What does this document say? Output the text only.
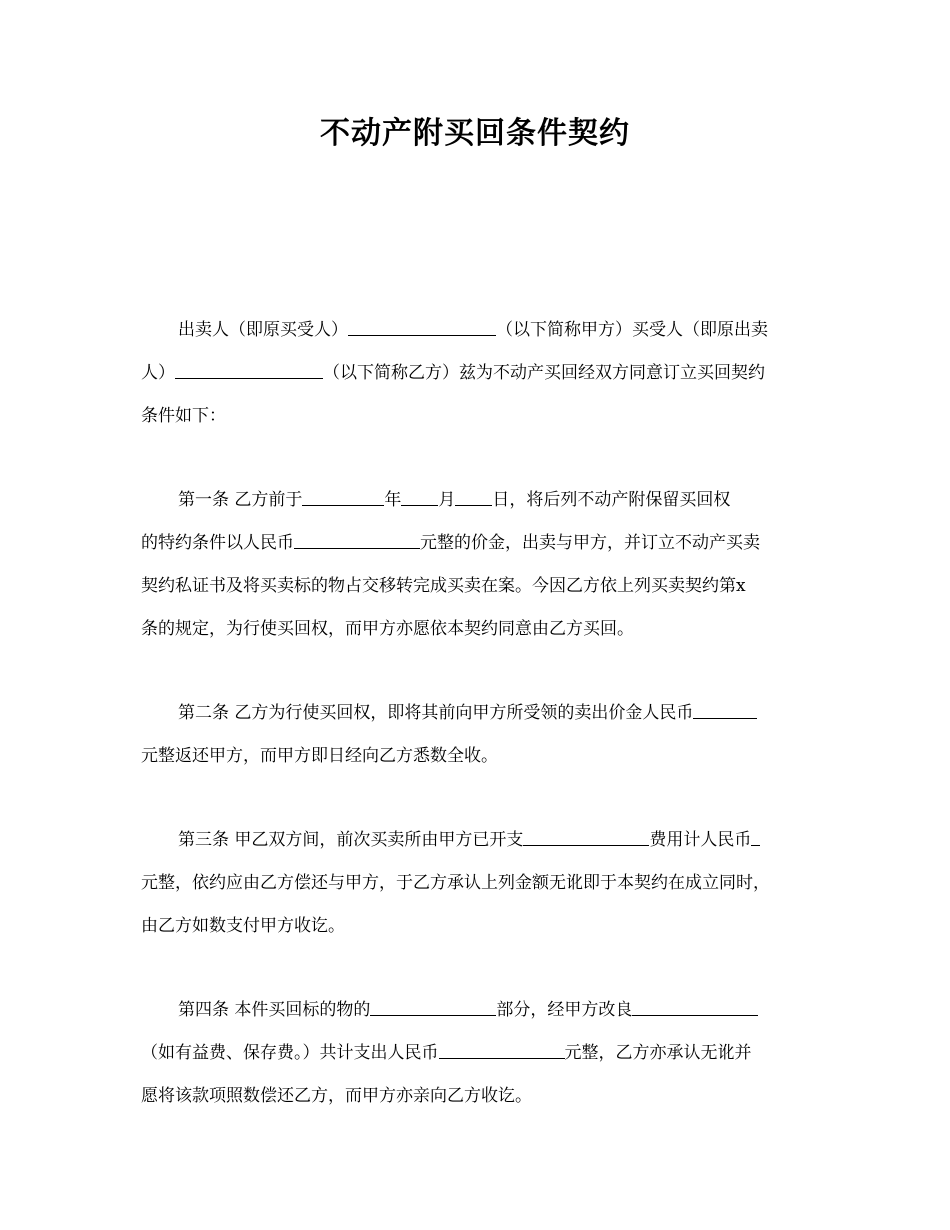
不动产附买回条件契约
出卖人（即原买受人）	（以下简称甲方）买受人（即原出卖
人）	（以下简称乙方）兹为不动产买回经双方同意订立买回契约
条件如下：
第一条 乙方前于	年 月 日，将后列不动产附保留买回权
的特约条件以人民币	元整的价金，出卖与甲方，并订立不动产买卖
契约私证书及将买卖标的物占交移转完成买卖在案。今因乙方依上列买卖契约第x
条的规定，为行使买回权，而甲方亦愿依本契约同意由乙方买回。
第二条 乙方为行使买回权，即将其前向甲方所受领的卖出价金人民币
元整返还甲方，而甲方即日经向乙方悉数全收。
第三条 甲乙双方间，前次买卖所由甲方已开支	费用计人民币
元整，依约应由乙方偿还与甲方，于乙方承认上列金额无讹即于本契约在成立同时，
由乙方如数支付甲方收讫。
第四条 本件买回标的物的	部分，经甲方改良
（如有益费、保存费。）共计支出人民币	元整，乙方亦承认无讹并
愿将该款项照数偿还乙方，而甲方亦亲向乙方收讫。
